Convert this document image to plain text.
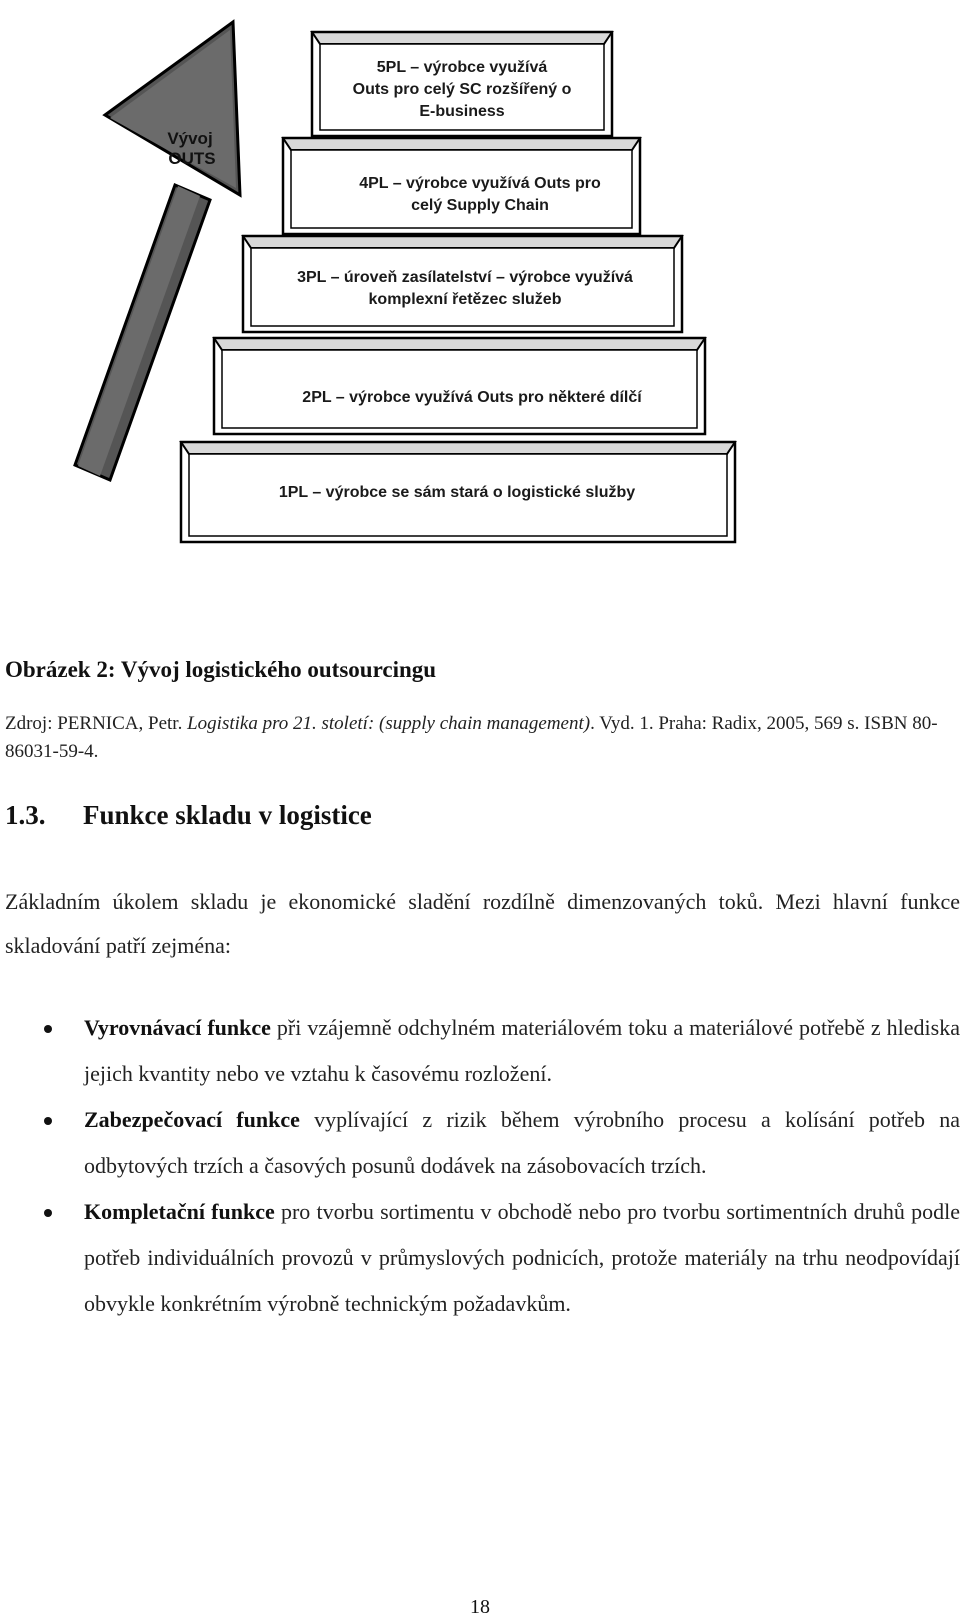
Vývoj
OUTS
5PL – výrobce využívá
Outs pro celý SC rozšířený o
E-business
4PL – výrobce využívá Outs pro
celý Supply Chain
3PL – úroveň zasílatelství – výrobce využívá
komplexní řetězec služeb
2PL – výrobce využívá Outs pro některé dílčí
1PL – výrobce se sám stará o logistické služby
Obrázek 2: Vývoj logistického outsourcingu
Zdroj: PERNICA, Petr. Logistika pro 21. století: (supply chain management). Vyd. 1. Praha: Radix, 2005, 569 s. ISBN 80-86031-59-4.
1.3. Funkce skladu v logistice
Základním úkolem skladu je ekonomické sladění rozdílně dimenzovaných toků. Mezi hlavní funkce skladování patří zejména:
Vyrovnávací funkce při vzájemně odchylném materiálovém toku a materiálové potřebě z hlediska jejich kvantity nebo ve vztahu k časovému rozložení.
Zabezpečovací funkce vyplívající z rizik během výrobního procesu a kolísání potřeb na odbytových trzích a časových posunů dodávek na zásobovacích trzích.
Kompletační funkce pro tvorbu sortimentu v obchodě nebo pro tvorbu sortimentních druhů podle potřeb individuálních provozů v průmyslových podnicích, protože materiály na trhu neodpovídají obvykle konkrétním výrobně technickým požadavkům.
18
